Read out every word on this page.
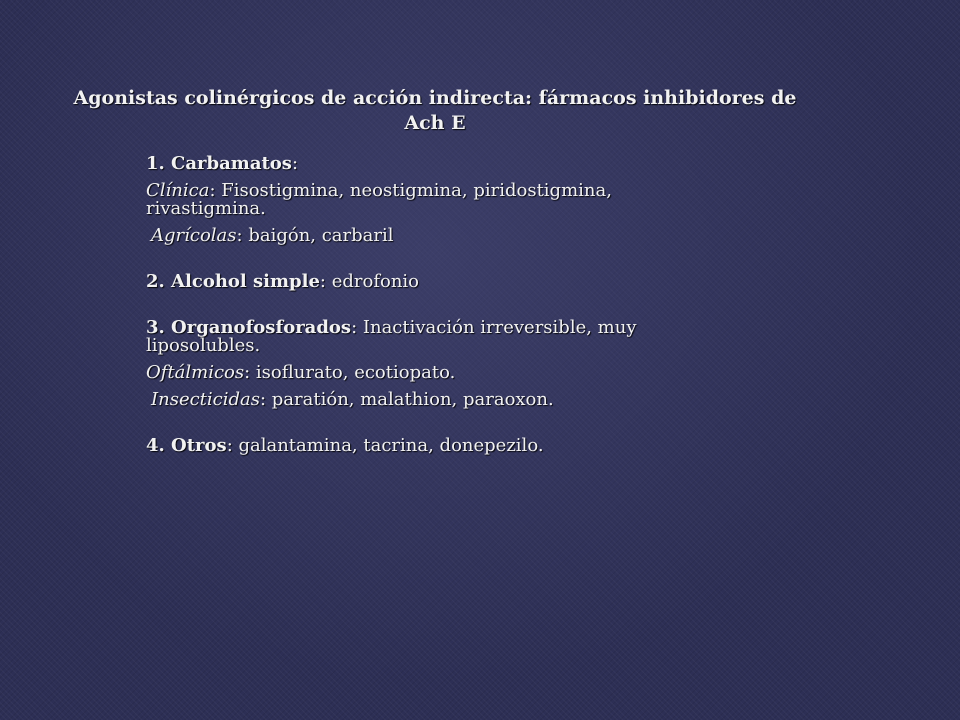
Agonistas colinérgicos de acción indirecta: fármacos inhibidores de
Ach E
1. Carbamatos:
Clínica: Fisostigmina, neostigmina, piridostigmina, rivastigmina.
Agrícolas: baigón, carbaril
2. Alcohol simple: edrofonio
3. Organofosforados: Inactivación irreversible, muy liposolubles.
Oftálmicos: isoflurato, ecotiopato.
Insecticidas: paratión, malathion, paraoxon.
4. Otros: galantamina, tacrina, donepezilo.
